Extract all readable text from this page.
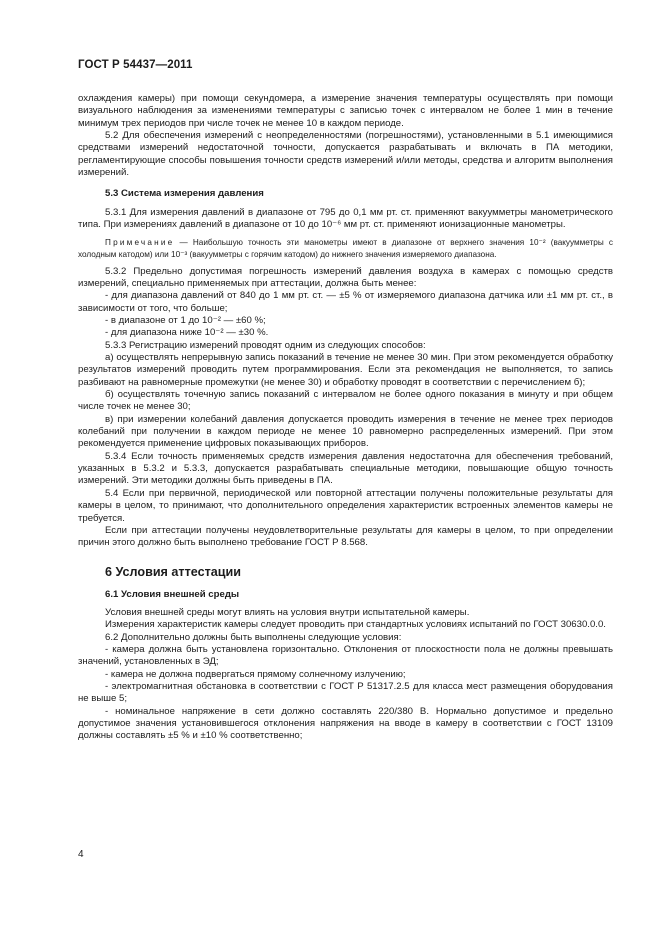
ГОСТ Р 54437—2011

охлаждения камеры) при помощи секундомера, а измерение значения температуры осуществлять при помощи визуального наблюдения за изменениями температуры с записью точек с интервалом не более 1 мин в течение минимум трех периодов при числе точек не менее 10 в каждом периоде.

5.2 Для обеспечения измерений с неопределенностями (погрешностями), установленными в 5.1 имеющимися средствами измерений недостаточной точности, допускается разрабатывать и включать в ПА методики, регламентирующие способы повышения точности средств измерений и/или методы, средства и алгоритм выполнения измерений.

5.3 Система измерения давления

5.3.1 Для измерения давлений в диапазоне от 795 до 0,1 мм рт. ст. применяют вакуумметры манометрического типа. При измерениях давлений в диапазоне от 10 до 10⁻⁶ мм рт. ст. применяют ионизационные манометры.

Примечание — Наибольшую точность эти манометры имеют в диапазоне от верхнего значения 10⁻² (вакуумметры с холодным катодом) или 10⁻³ (вакуумметры с горячим катодом) до нижнего значения измеряемого диапазона.

5.3.2 Предельно допустимая погрешность измерений давления воздуха в камерах с помощью средств измерений, специально применяемых при аттестации, должна быть менее:

- для диапазона давлений от 840 до 1 мм рт. ст. — ±5 % от измеряемого диапазона датчика или ±1 мм рт. ст., в зависимости от того, что больше;

- в диапазоне от 1 до 10⁻² — ±60 %;

- для диапазона ниже 10⁻² — ±30 %.

5.3.3 Регистрацию измерений проводят одним из следующих способов:

а) осуществлять непрерывную запись показаний в течение не менее 30 мин. При этом рекомендуется обработку результатов измерений проводить путем программирования. Если эта рекомендация не выполняется, то запись разбивают на равномерные промежутки (не менее 30) и обработку проводят в соответствии с перечислением б);

б) осуществлять точечную запись показаний с интервалом не более одного показания в минуту и при общем числе точек не менее 30;

в) при измерении колебаний давления допускается проводить измерения в течение не менее трех периодов колебаний при получении в каждом периоде не менее 10 равномерно распределенных измерений. При этом рекомендуется применение цифровых показывающих приборов.

5.3.4 Если точность применяемых средств измерения давления недостаточна для обеспечения требований, указанных в 5.3.2 и 5.3.3, допускается разрабатывать специальные методики, повышающие общую точность измерений. Эти методики должны быть приведены в ПА.

5.4 Если при первичной, периодической или повторной аттестации получены положительные результаты для камеры в целом, то принимают, что дополнительного определения характеристик встроенных элементов камеры не требуется.

Если при аттестации получены неудовлетворительные результаты для камеры в целом, то при определении причин этого должно быть выполнено требование ГОСТ Р 8.568.

6 Условия аттестации

6.1 Условия внешней среды

Условия внешней среды могут влиять на условия внутри испытательной камеры.

Измерения характеристик камеры следует проводить при стандартных условиях испытаний по ГОСТ 30630.0.0.

6.2 Дополнительно должны быть выполнены следующие условия:

- камера должна быть установлена горизонтально. Отклонения от плоскостности пола не должны превышать значений, установленных в ЭД;

- камера не должна подвергаться прямому солнечному излучению;

- электромагнитная обстановка в соответствии с ГОСТ Р 51317.2.5 для класса мест размещения оборудования не выше 5;

- номинальное напряжение в сети должно составлять 220/380 В. Нормально допустимое и предельно допустимое значения установившегося отклонения напряжения на вводе в камеру в соответствии с ГОСТ 13109 должны составлять ±5 % и ±10 % соответственно;

4
